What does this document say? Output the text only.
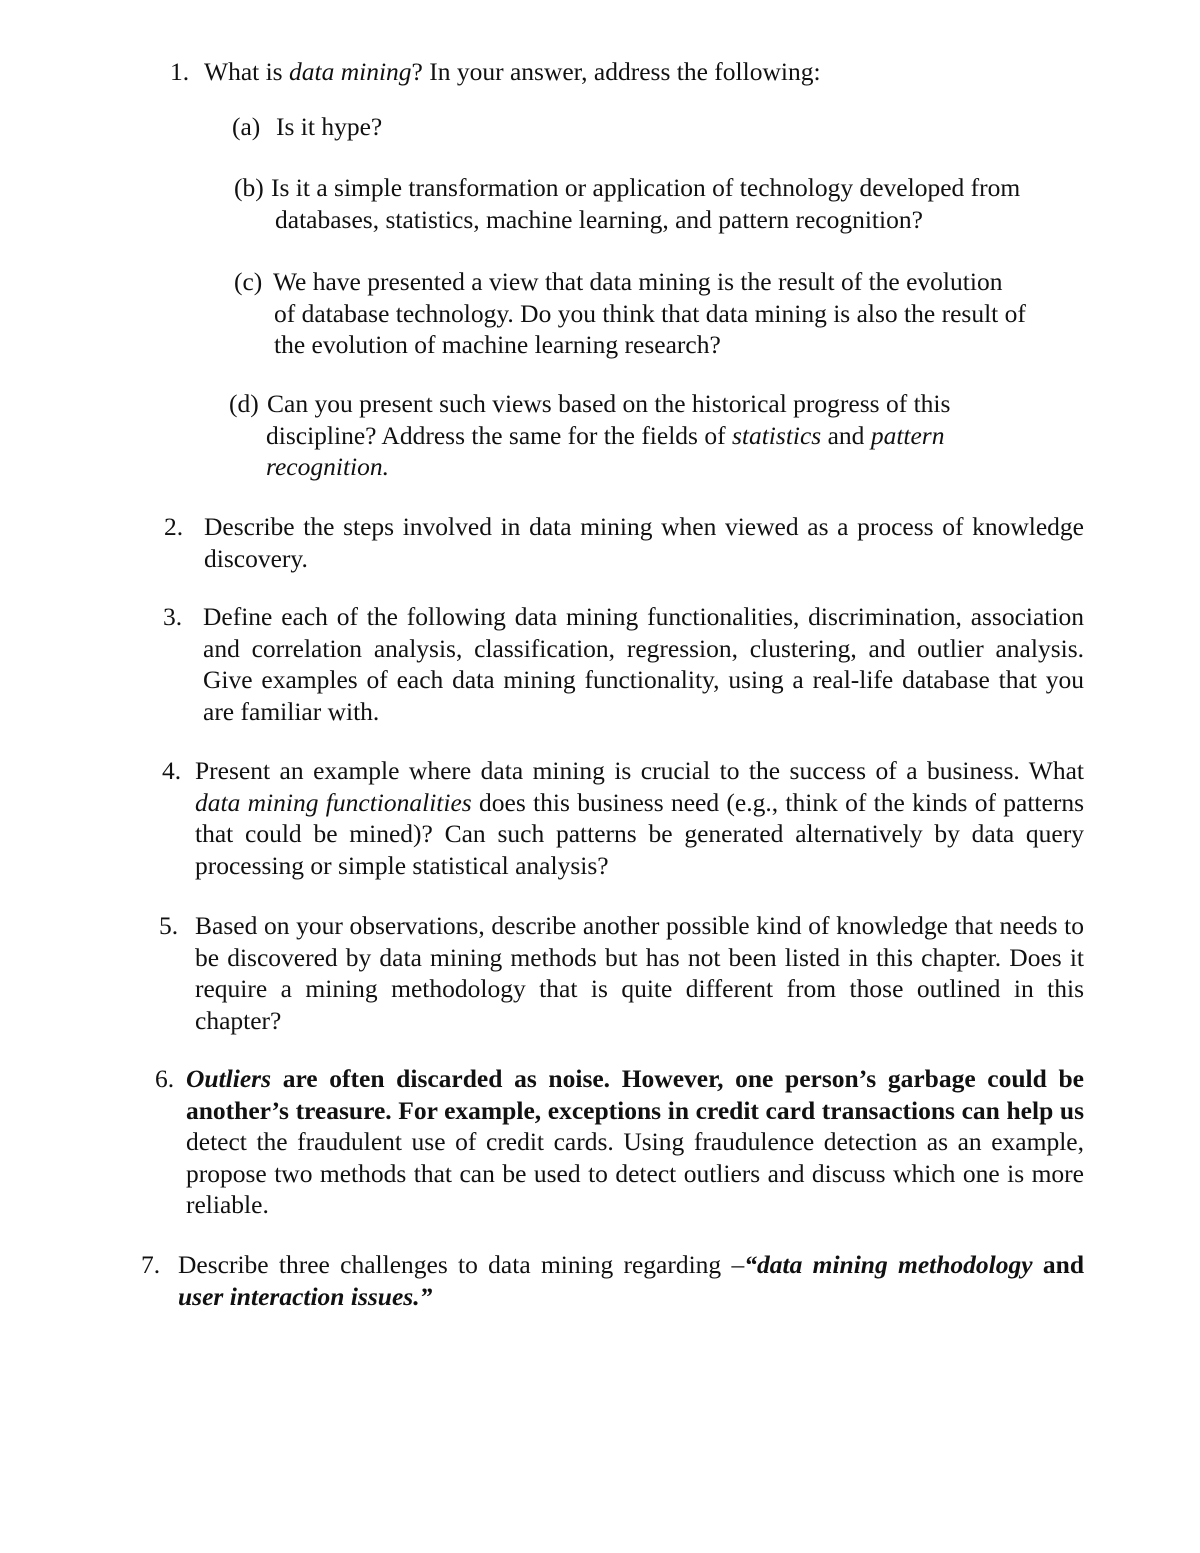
1. What is data mining? In your answer, address the following:
(a) Is it hype?
(b) Is it a simple transformation or application of technology developed from
databases, statistics, machine learning, and pattern recognition?
(c) We have presented a view that data mining is the result of the evolution
of database technology. Do you think that data mining is also the result of
the evolution of machine learning research?
(d) Can you present such views based on the historical progress of this
discipline? Address the same for the fields of statistics and pattern
recognition.
2. Describe the steps involved in data mining when viewed as a process of knowledge discovery.

3. Define each of the following data mining functionalities, discrimination, association and correlation analysis, classification, regression, clustering, and outlier analysis. Give examples of each data mining functionality, using a real-life database that you are familiar with.

4. Present an example where data mining is crucial to the success of a business. What data mining functionalities does this business need (e.g., think of the kinds of patterns that could be mined)? Can such patterns be generated alternatively by data query processing or simple statistical analysis?

5. Based on your observations, describe another possible kind of knowledge that needs to be discovered by data mining methods but has not been listed in this chapter. Does it require a mining methodology that is quite different from those outlined in this chapter?

6. Outliers are often discarded as noise. However, one person’s garbage could be another’s treasure. For example, exceptions in credit card transactions can help us detect the fraudulent use of credit cards. Using fraudulence detection as an example, propose two methods that can be used to detect outliers and discuss which one is more reliable.

7. Describe three challenges to data mining regarding –“data mining methodology and user interaction issues.”
